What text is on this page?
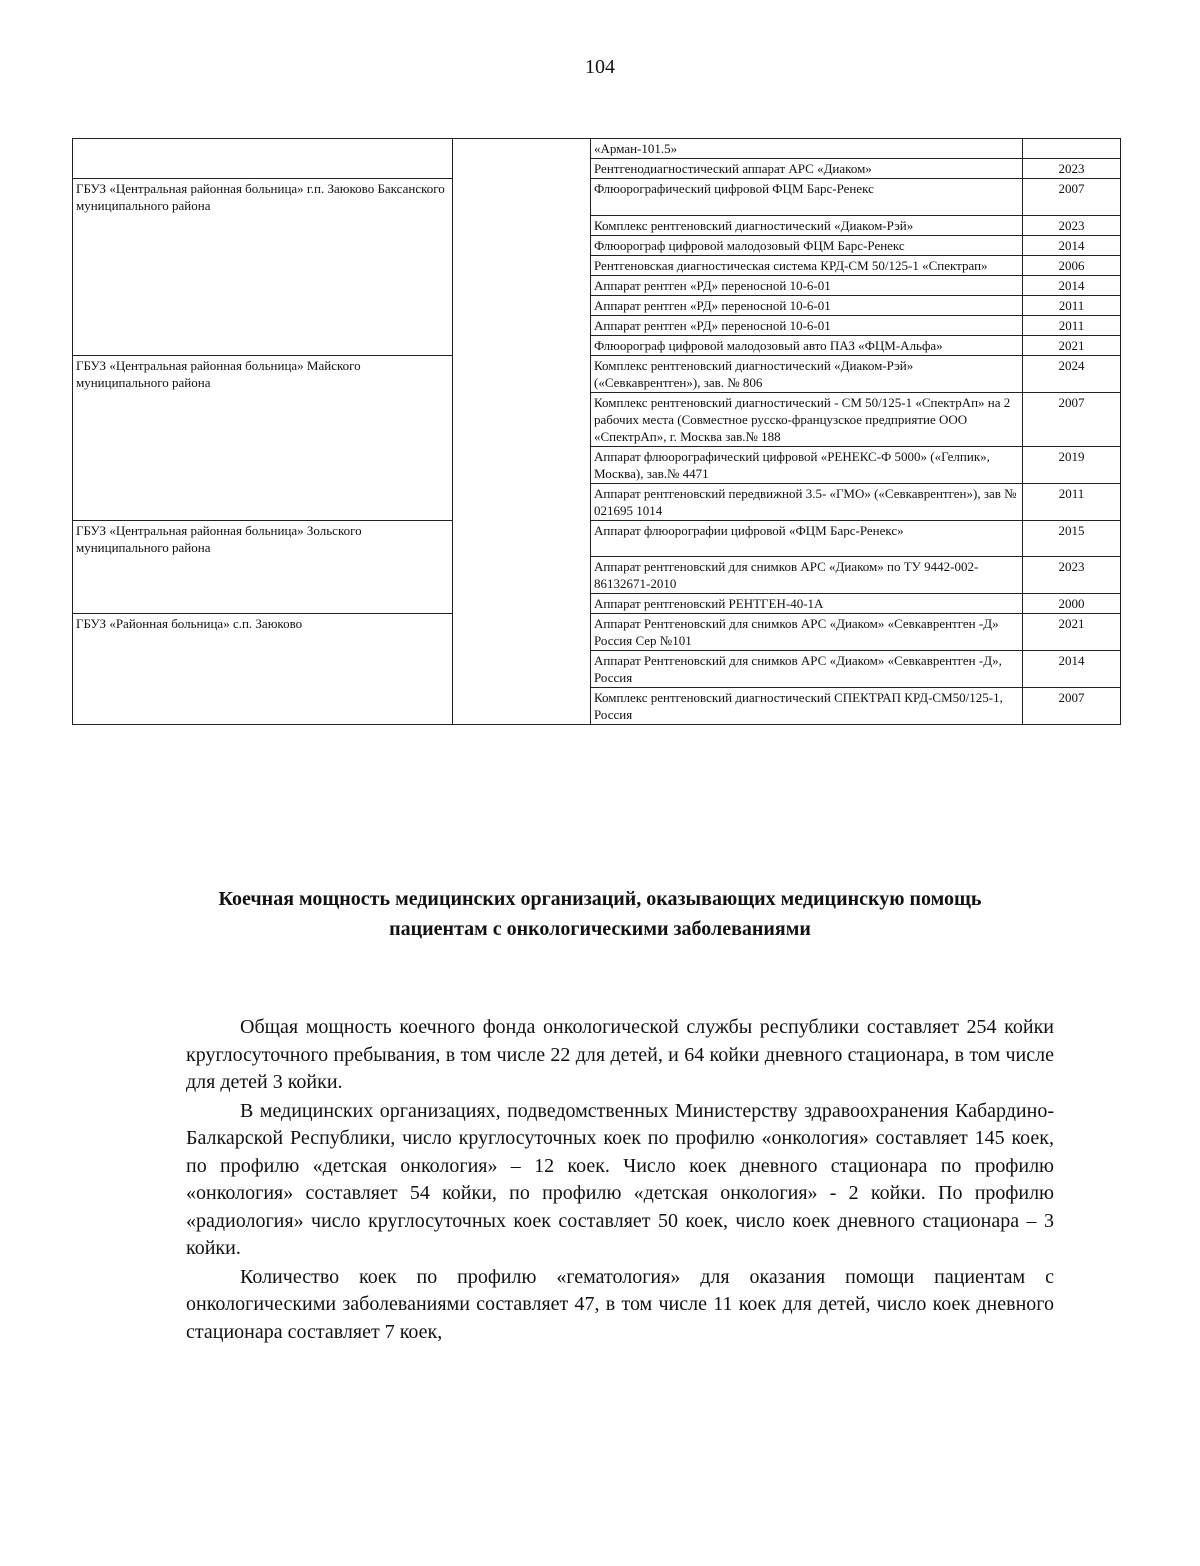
104
		«Арман-101.5»	
		Рентгенодиагностический аппарат АРС «Диаком»	2023
ГБУЗ «Центральная районная больница» г.п. Заюково Баксанского муниципального района		Флюорографический цифровой ФЦМ Барс-Ренекс	2007
		Комплекс рентгеновский диагностический «Диаком-Рэй»	2023
		Флюорограф цифровой малодозовый ФЦМ Барс-Ренекс	2014
		Рентгеновская диагностическая система КРД-СМ 50/125-1 «Спектрап»	2006
		Аппарат рентген «РД» переносной 10-6-01	2014
		Аппарат рентген «РД» переносной 10-6-01	2011
		Аппарат рентген «РД» переносной 10-6-01	2011
		Флюорограф цифровой малодозовый авто ПАЗ «ФЦМ-Альфа»	2021
ГБУЗ «Центральная районная больница» Майского муниципального района		Комплекс рентгеновский диагностический «Диаком-Рэй» («Севкаврентген»), зав. № 806	2024
		Комплекс рентгеновский диагностический - СМ 50/125-1 «СпектрАп» на 2 рабочих места (Совместное русско-французское предприятие ООО «СпектрАп», г. Москва зав.№ 188	2007
		Аппарат флюорографический цифровой «РЕНЕКС-Ф 5000» («Гелпик», Москва), зав.№ 4471	2019
		Аппарат рентгеновский передвижной 3.5- «ГМО» («Севкаврентген»), зав № 021695 1014	2011
ГБУЗ «Центральная районная больница» Зольского муниципального района		Аппарат флюорографии цифровой «ФЦМ Барс-Ренекс»	2015
		Аппарат рентгеновский для снимков АРС «Диаком» по ТУ 9442-002-86132671-2010	2023
		Аппарат рентгеновский РЕНТГЕН-40-1А	2000
ГБУЗ «Районная больница» с.п. Заюково		Аппарат Рентгеновский для снимков АРС «Диаком» «Севкаврентген -Д» Россия Сер №101	2021
		Аппарат Рентгеновский для снимков АРС «Диаком» «Севкаврентген -Д», Россия	2014
		Комплекс рентгеновский диагностический СПЕКТРАП КРД-СМ50/125-1, Россия	2007
Коечная мощность медицинских организаций, оказывающих медицинскую помощь пациентам с онкологическими заболеваниями

Общая мощность коечного фонда онкологической службы республики составляет 254 койки круглосуточного пребывания, в том числе 22 для детей, и 64 койки дневного стационара, в том числе для детей 3 койки.

В медицинских организациях, подведомственных Министерству здравоохранения Кабардино-Балкарской Республики, число круглосуточных коек по профилю «онкология» составляет 145 коек, по профилю «детская онкология» – 12 коек. Число коек дневного стационара по профилю «онкология» составляет 54 койки, по профилю «детская онкология» - 2 койки. По профилю «радиология» число круглосуточных коек составляет 50 коек, число коек дневного стационара – 3 койки.

Количество коек по профилю «гематология» для оказания помощи пациентам с онкологическими заболеваниями составляет 47, в том числе 11 коек для детей, число коек дневного стационара составляет 7 коек,
